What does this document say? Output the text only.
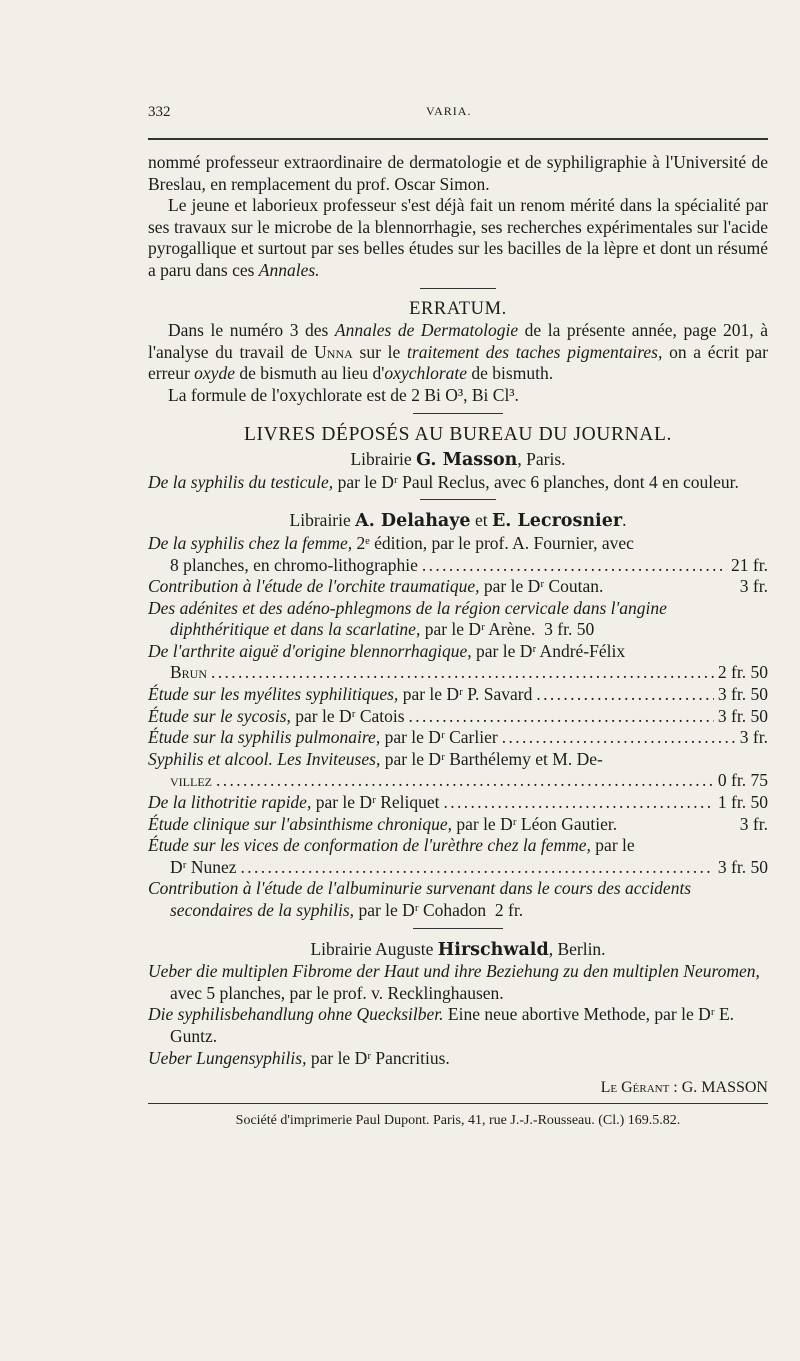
332	VARIA.

nommé professeur extraordinaire de dermatologie et de syphiligraphie à l'Université de Breslau, en remplacement du prof. Oscar Simon.

Le jeune et laborieux professeur s'est déjà fait un renom mérité dans la spécialité par ses travaux sur le microbe de la blennorrhagie, ses recherches expérimentales sur l'acide pyrogallique et surtout par ses belles études sur les bacilles de la lèpre et dont un résumé a paru dans ces Annales.

ERRATUM.

Dans le numéro 3 des Annales de Dermatologie de la présente année, page 201, à l'analyse du travail de Unna sur le traitement des taches pigmentaires, on a écrit par erreur oxyde de bismuth au lieu d'oxychlorate de bismuth.

La formule de l'oxychlorate est de 2 Bi O³, Bi Cl³.

LIVRES DÉPOSÉS AU BUREAU DU JOURNAL.

Librairie G. Masson, Paris.

De la syphilis du testicule, par le Dʳ Paul Reclus, avec 6 planches, dont 4 en couleur.

Librairie A. Delahaye et E. Lecrosnier.

De la syphilis chez la femme, 2ᵉ édition, par le prof. A. Fournier, avec

8 planches, en chromo-lithographie . . .	21 fr.
Contribution à l'étude de l'orchite traumatique, par le Dʳ Coutan.	3 fr.

Des adénites et des adéno-phlegmons de la région cervicale dans l'angine diphthéritique et dans la scarlatine, par le Dʳ Arène. 3 fr. 50

De l'arthrite aiguë d'origine blennorrhagique, par le Dʳ André-Félix

Brun . . .	2 fr. 50
Étude sur les myélites syphilitiques, par le Dʳ P. Savard . . .	3 fr. 50
Étude sur le sycosis, par le Dʳ Catois . . .	3 fr. 50
Étude sur la syphilis pulmonaire, par le Dʳ Carlier . . .	3 fr.

Syphilis et alcool. Les Inviteuses, par le Dʳ Barthélemy et M. De-

villez . . .	0 fr. 75
De la lithotritie rapide, par le Dʳ Reliquet . . .	1 fr. 50
Étude clinique sur l'absinthisme chronique, par le Dʳ Léon Gautier.	3 fr.

Étude sur les vices de conformation de l'urèthre chez la femme, par le

Dʳ Nunez . . .	3 fr. 50

Contribution à l'étude de l'albuminurie survenant dans le cours des accidents secondaires de la syphilis, par le Dʳ Cohadon 2 fr.

Librairie Auguste Hirschwald, Berlin.

Ueber die multiplen Fibrome der Haut und ihre Beziehung zu den multiplen Neuromen, avec 5 planches, par le prof. v. Recklinghausen.

Die syphilisbehandlung ohne Quecksilber. Eine neue abortive Methode, par le Dʳ E. Guntz.

Ueber Lungensyphilis, par le Dʳ Pancritius.

Le Gérant : G. MASSON

Société d'imprimerie Paul Dupont. Paris, 41, rue J.-J.-Rousseau. (Cl.) 169.5.82.
